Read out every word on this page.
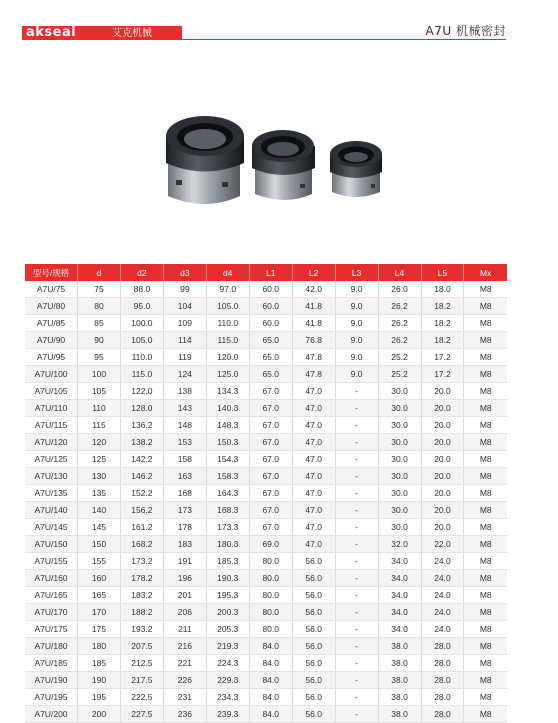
akseal	艾克机械	A7U 机械密封
型号/规格	d	d2	d3	d4	L1	L2	L3	L4	L5	Mx
A7U/75	75	88.0	99	97.0	60.0	42.0	9.0	26.0	18.0	M8
A7U/80	80	95.0	104	105.0	60.0	41.8	9.0	26.2	18.2	M8
A7U/85	85	100.0	109	110.0	60.0	41.8	9.0	26.2	18.2	M8
A7U/90	90	105.0	114	115.0	65.0	76.8	9.0	26.2	18.2	M8
A7U/95	95	110.0	119	120.0	65.0	47.8	9.0	25.2	17.2	M8
A7U/100	100	115.0	124	125.0	65.0	47.8	9.0	25.2	17.2	M8
A7U/105	105	122.0	138	134.3	67.0	47.0	-	30.0	20.0	M8
A7U/110	110	128.0	143	140.3	67.0	47.0	-	30.0	20.0	M8
A7U/115	115	136.2	148	148.3	67.0	47.0	-	30.0	20.0	M8
A7U/120	120	138.2	153	150.3	67.0	47.0	-	30.0	20.0	M8
A7U/125	125	142.2	158	154.3	67.0	47.0	-	30.0	20.0	M8
A7U/130	130	146.2	163	158.3	67.0	47.0	-	30.0	20.0	M8
A7U/135	135	152.2	168	164.3	67.0	47.0	-	30.0	20.0	M8
A7U/140	140	156.2	173	168.3	67.0	47.0	-	30.0	20.0	M8
A7U/145	145	161.2	178	173.3	67.0	47.0	-	30.0	20.0	M8
A7U/150	150	168.2	183	180.3	69.0	47.0	-	32.0	22.0	M8
A7U/155	155	173.2	191	185.3	80.0	56.0	-	34.0	24.0	M8
A7U/160	160	178.2	196	190.3	80.0	56.0	-	34.0	24.0	M8
A7U/165	165	183.2	201	195.3	80.0	56.0	-	34.0	24.0	M8
A7U/170	170	188.2	206	200.3	80.0	56.0	-	34.0	24.0	M8
A7U/175	175	193.2	211	205.3	80.0	56.0	-	34.0	24.0	M8
A7U/180	180	207.5	216	219.3	84.0	56.0	-	38.0	28.0	M8
A7U/185	185	212.5	221	224.3	84.0	56.0	-	38.0	28.0	M8
A7U/190	190	217.5	226	229.3	84.0	56.0	-	38.0	28.0	M8
A7U/195	195	222.5	231	234.3	84.0	56.0	-	38.0	28.0	M8
A7U/200	200	227.5	236	239.3	84.0	56.0	-	38.0	28.0	M8
